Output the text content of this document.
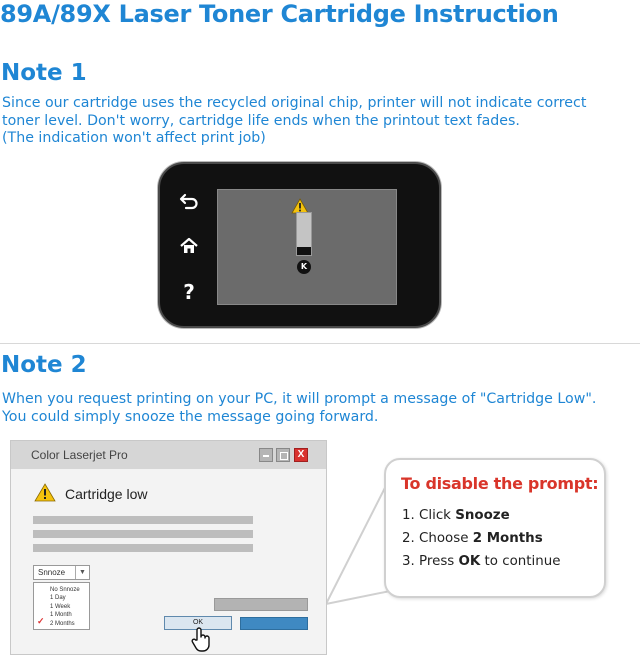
89A/89X Laser Toner Cartridge Instruction
Note 1
Since our cartridge uses the recycled original chip, printer will not indicate correct
toner level. Don't worry, cartridge life ends when the printout text fades.
(The indication won't affect print job)
?
K
Note 2
When you request printing on your PC, it will prompt a message of "Cartridge Low".
You could simply snooze the message going forward.
Color Laserjet Pro	X
Cartridge low
Snnoze	▼
✓
No Snnoze
1 Day
1 Week
1 Month
2 Months	OK
To disable the prompt:
1. Click Snooze
2. Choose 2 Months
3. Press OK to continue
